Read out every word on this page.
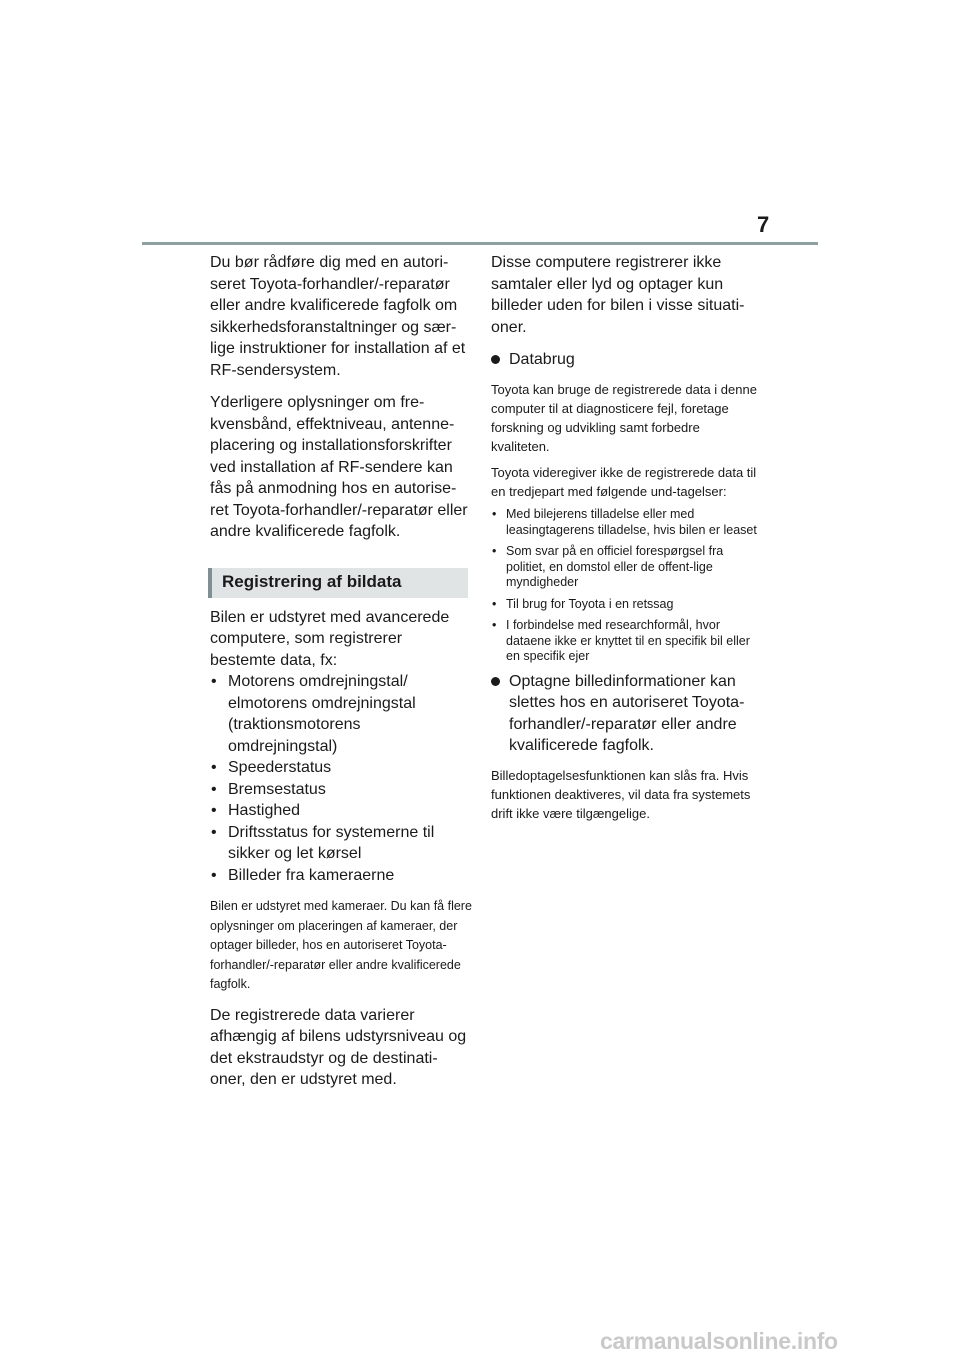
7

Du bør rådføre dig med en autori-seret Toyota-forhandler/-reparatør eller andre kvalificerede fagfolk om sikkerhedsforanstaltninger og sær-lige instruktioner for installation af et RF-sendersystem.

Yderligere oplysninger om fre-kvensbånd, effektniveau, antenne-placering og installationsforskrifter ved installation af RF-sendere kan fås på anmodning hos en autorise-ret Toyota-forhandler/-reparatør eller andre kvalificerede fagfolk.

Registrering af bildata

Bilen er udstyret med avancerede computere, som registrerer bestemte data, fx:

• Motorens omdrejningstal/ elmotorens omdrejningstal (traktionsmotorens omdrejningstal)
• Speederstatus
• Bremsestatus
• Hastighed
• Driftsstatus for systemerne til sikker og let kørsel
• Billeder fra kameraerne

Bilen er udstyret med kameraer. Du kan få flere oplysninger om placeringen af kameraer, der optager billeder, hos en autoriseret Toyota-forhandler/-reparatør eller andre kvalificerede fagfolk.

De registrerede data varierer afhængig af bilens udstyrsniveau og det ekstraudstyr og de destinati-oner, den er udstyret med.

Disse computere registrerer ikke samtaler eller lyd og optager kun billeder uden for bilen i visse situati-oner.

Databrug

Toyota kan bruge de registrerede data i denne computer til at diagnosticere fejl, foretage forskning og udvikling samt forbedre kvaliteten.

Toyota videregiver ikke de registrerede data til en tredjepart med følgende und-tagelser:

• Med bilejerens tilladelse eller med leasingtagerens tilladelse, hvis bilen er leaset
• Som svar på en officiel forespørgsel fra politiet, en domstol eller de offent-lige myndigheder
• Til brug for Toyota i en retssag
• I forbindelse med researchformål, hvor dataene ikke er knyttet til en specifik bil eller en specifik ejer
Optagne billedinformationer kan slettes hos en autoriseret Toyota-forhandler/-reparatør eller andre kvalificerede fagfolk.

Billedoptagelsesfunktionen kan slås fra. Hvis funktionen deaktiveres, vil data fra systemets drift ikke være tilgængelige.

carmanualsonline.info
